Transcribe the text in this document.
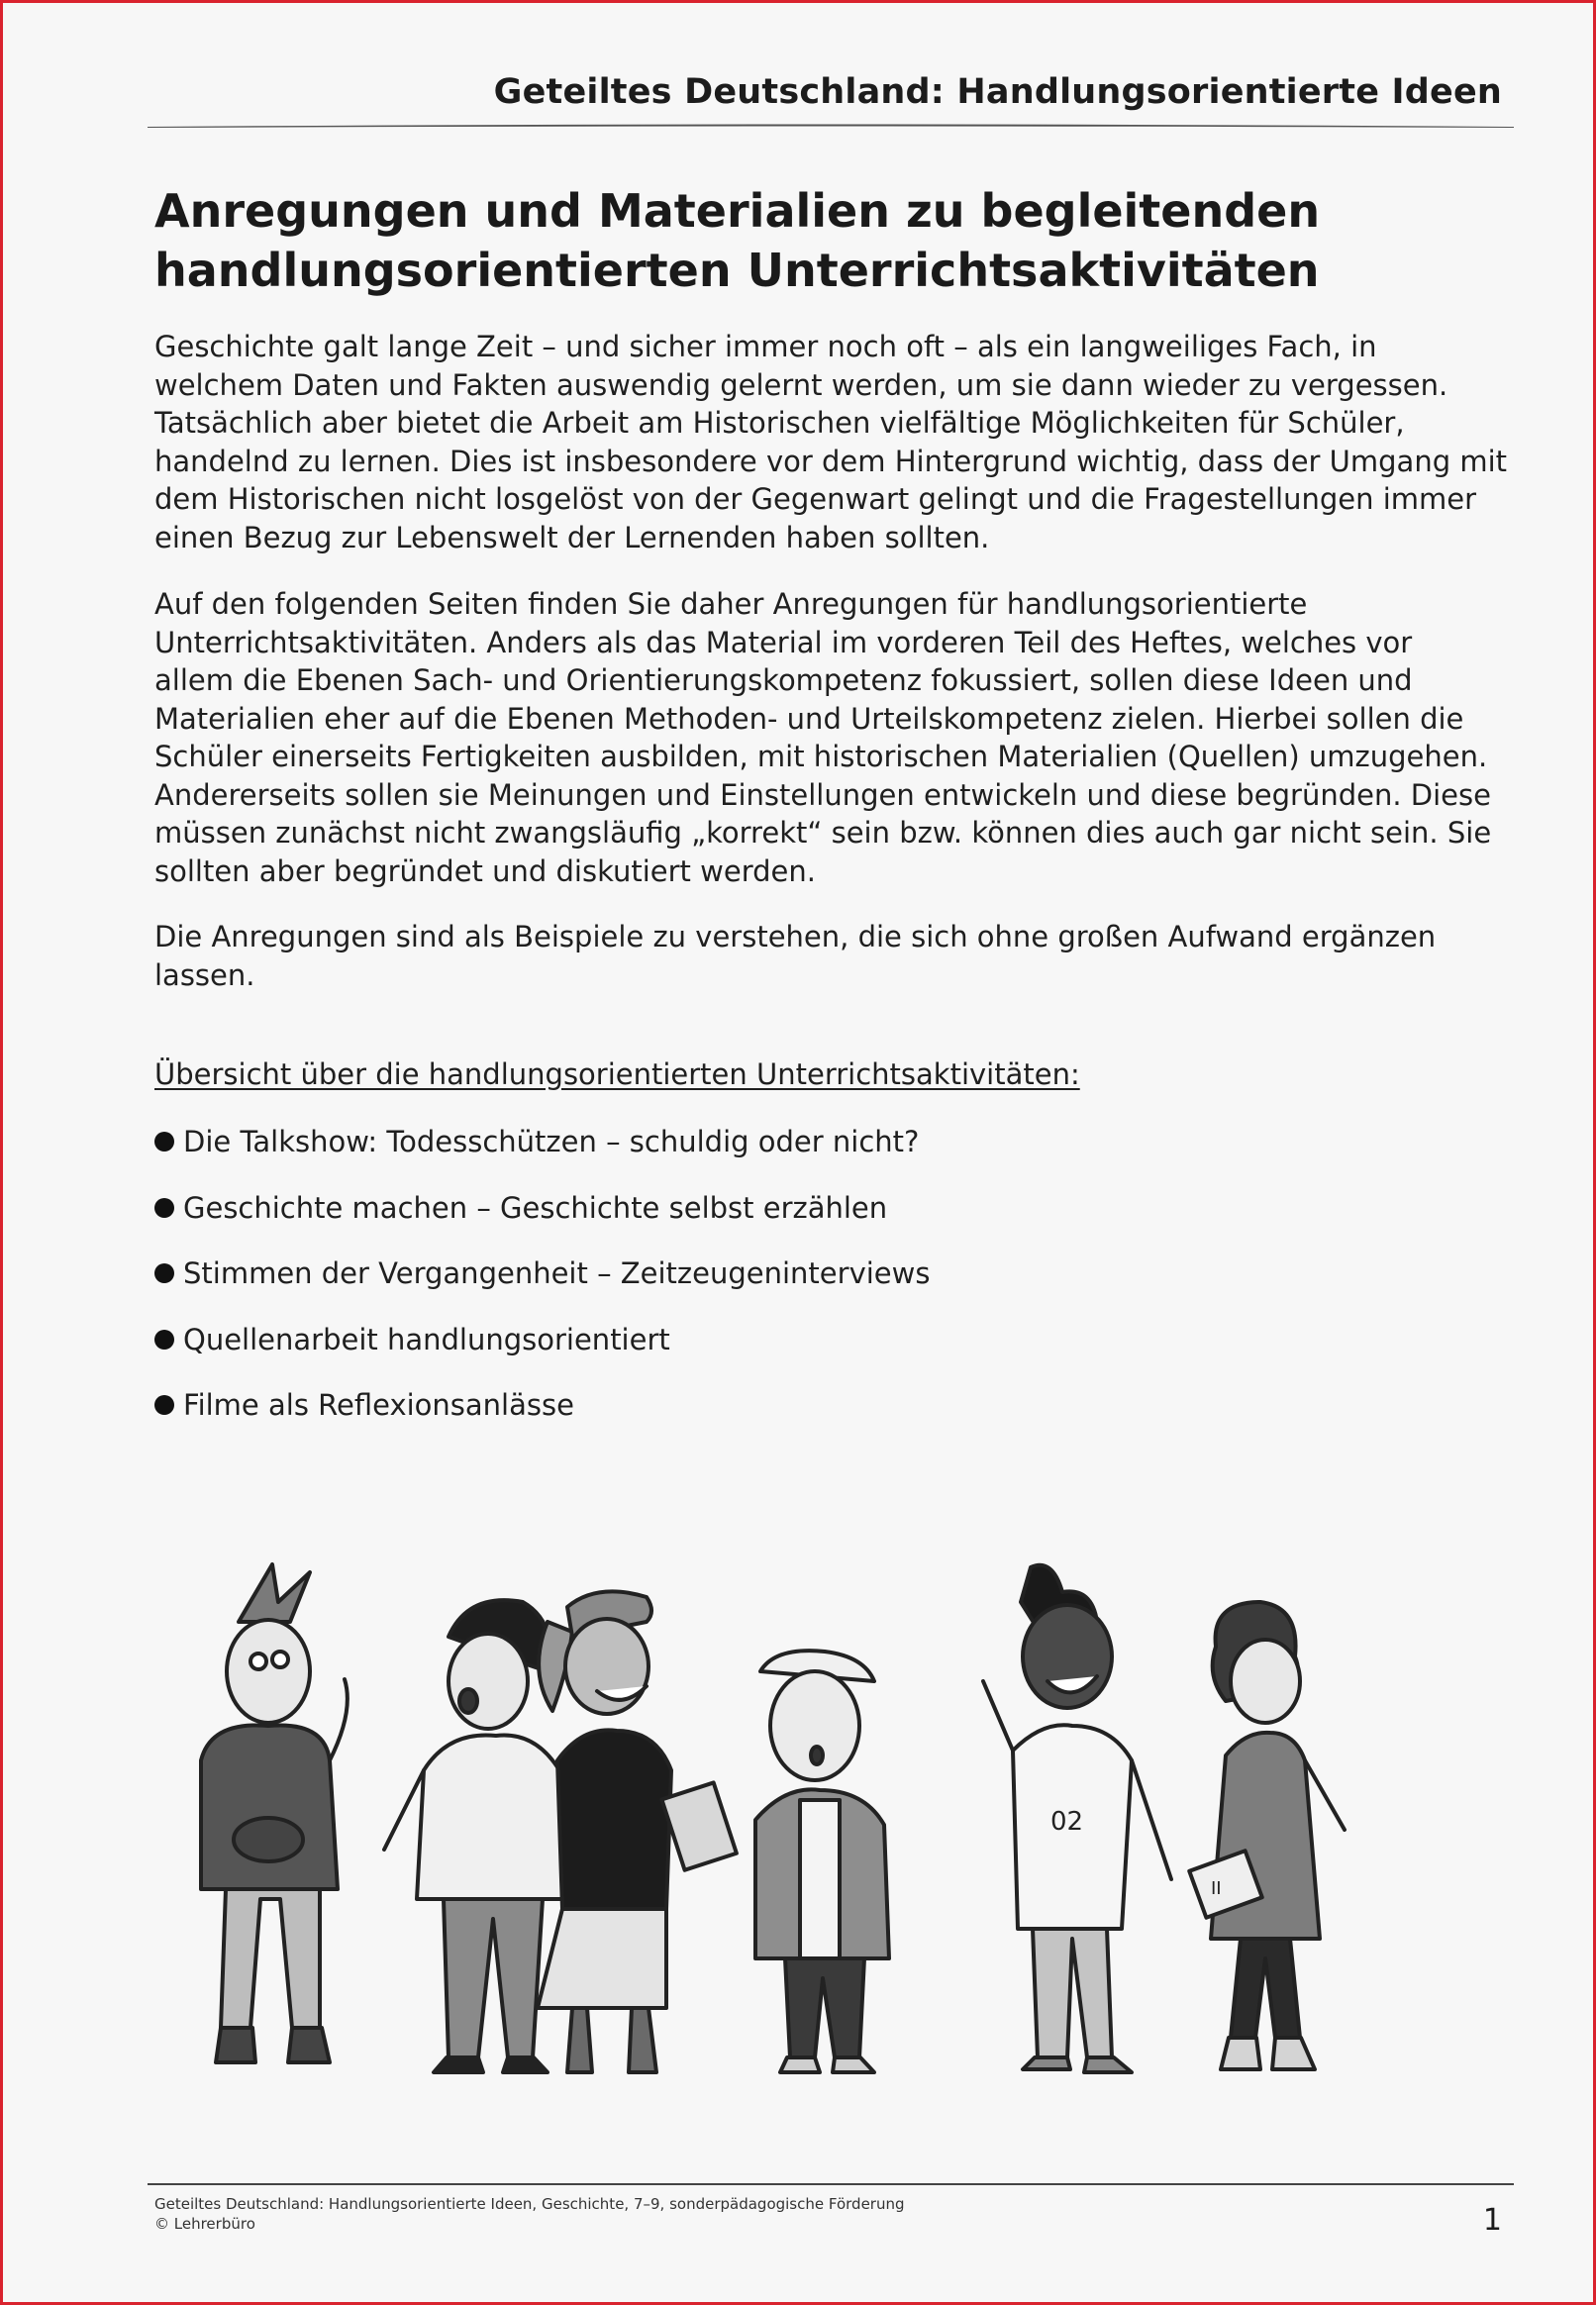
Geteiltes Deutschland: Handlungsorientierte Ideen
Anregungen und Materialien zu begleitenden
handlungsorientierten Unterrichtsaktivitäten

Geschichte galt lange Zeit – und sicher immer noch oft – als ein langweiliges Fach, in
welchem Daten und Fakten auswendig gelernt werden, um sie dann wieder zu vergessen.
Tatsächlich aber bietet die Arbeit am Historischen vielfältige Möglichkeiten für Schüler,
handelnd zu lernen. Dies ist insbesondere vor dem Hintergrund wichtig, dass der Umgang mit
dem Historischen nicht losgelöst von der Gegenwart gelingt und die Fragestellungen immer
einen Bezug zur Lebenswelt der Lernenden haben sollten.

Auf den folgenden Seiten finden Sie daher Anregungen für handlungsorientierte
Unterrichtsaktivitäten. Anders als das Material im vorderen Teil des Heftes, welches vor
allem die Ebenen Sach- und Orientierungskompetenz fokussiert, sollen diese Ideen und
Materialien eher auf die Ebenen Methoden- und Urteilskompetenz zielen. Hierbei sollen die
Schüler einerseits Fertigkeiten ausbilden, mit historischen Materialien (Quellen) umzugehen.
Andererseits sollen sie Meinungen und Einstellungen entwickeln und diese begründen. Diese
müssen zunächst nicht zwangsläufig „korrekt“ sein bzw. können dies auch gar nicht sein. Sie
sollten aber begründet und diskutiert werden.

Die Anregungen sind als Beispiele zu verstehen, die sich ohne großen Aufwand ergänzen
lassen.

Übersicht über die handlungsorientierten Unterrichtsaktivitäten:
Die Talkshow: Todesschützen – schuldig oder nicht?
Geschichte machen – Geschichte selbst erzählen
Stimmen der Vergangenheit – Zeitzeugeninterviews
Quellenarbeit handlungsorientiert
Filme als Reflexionsanlässe
02
II
Geteiltes Deutschland: Handlungsorientierte Ideen, Geschichte, 7–9, sonderpädagogische Förderung
© Lehrerbüro	1
